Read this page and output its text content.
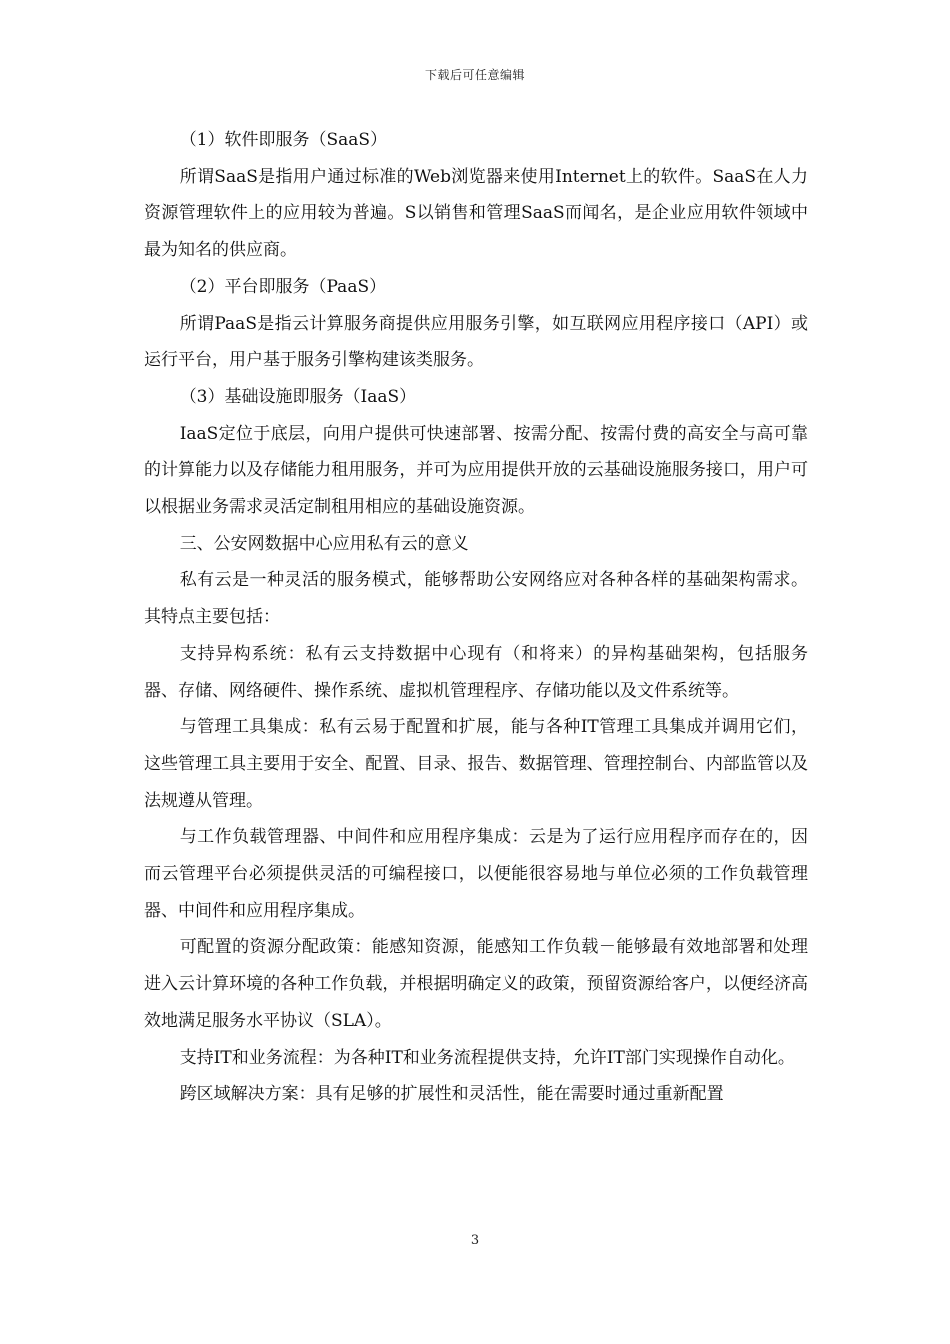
下载后可任意编辑

（1）软件即服务（SaaS）

所谓SaaS是指用户通过标准的Web浏览器来使用Internet上的软件。SaaS在人力资源管理软件上的应用较为普遍。S以销售和管理SaaS而闻名，是企业应用软件领域中最为知名的供应商。

（2）平台即服务（PaaS）

所谓PaaS是指云计算服务商提供应用服务引擎，如互联网应用程序接口（API）或运行平台，用户基于服务引擎构建该类服务。

（3）基础设施即服务（IaaS）

IaaS定位于底层，向用户提供可快速部署、按需分配、按需付费的高安全与高可靠的计算能力以及存储能力租用服务，并可为应用提供开放的云基础设施服务接口，用户可以根据业务需求灵活定制租用相应的基础设施资源。

三、公安网数据中心应用私有云的意义

私有云是一种灵活的服务模式，能够帮助公安网络应对各种各样的基础架构需求。其特点主要包括：

支持异构系统：私有云支持数据中心现有（和将来）的异构基础架构，包括服务器、存储、网络硬件、操作系统、虚拟机管理程序、存储功能以及文件系统等。

与管理工具集成：私有云易于配置和扩展，能与各种IT管理工具集成并调用它们，这些管理工具主要用于安全、配置、目录、报告、数据管理、管理控制台、内部监管以及法规遵从管理。

与工作负载管理器、中间件和应用程序集成：云是为了运行应用程序而存在的，因而云管理平台必须提供灵活的可编程接口，以便能很容易地与单位必须的工作负载管理器、中间件和应用程序集成。

可配置的资源分配政策：能感知资源，能感知工作负载－能够最有效地部署和处理进入云计算环境的各种工作负载，并根据明确定义的政策，预留资源给客户，以便经济高效地满足服务水平协议（SLA）。

支持IT和业务流程：为各种IT和业务流程提供支持，允许IT部门实现操作自动化。

跨区域解决方案：具有足够的扩展性和灵活性，能在需要时通过重新配置

3
